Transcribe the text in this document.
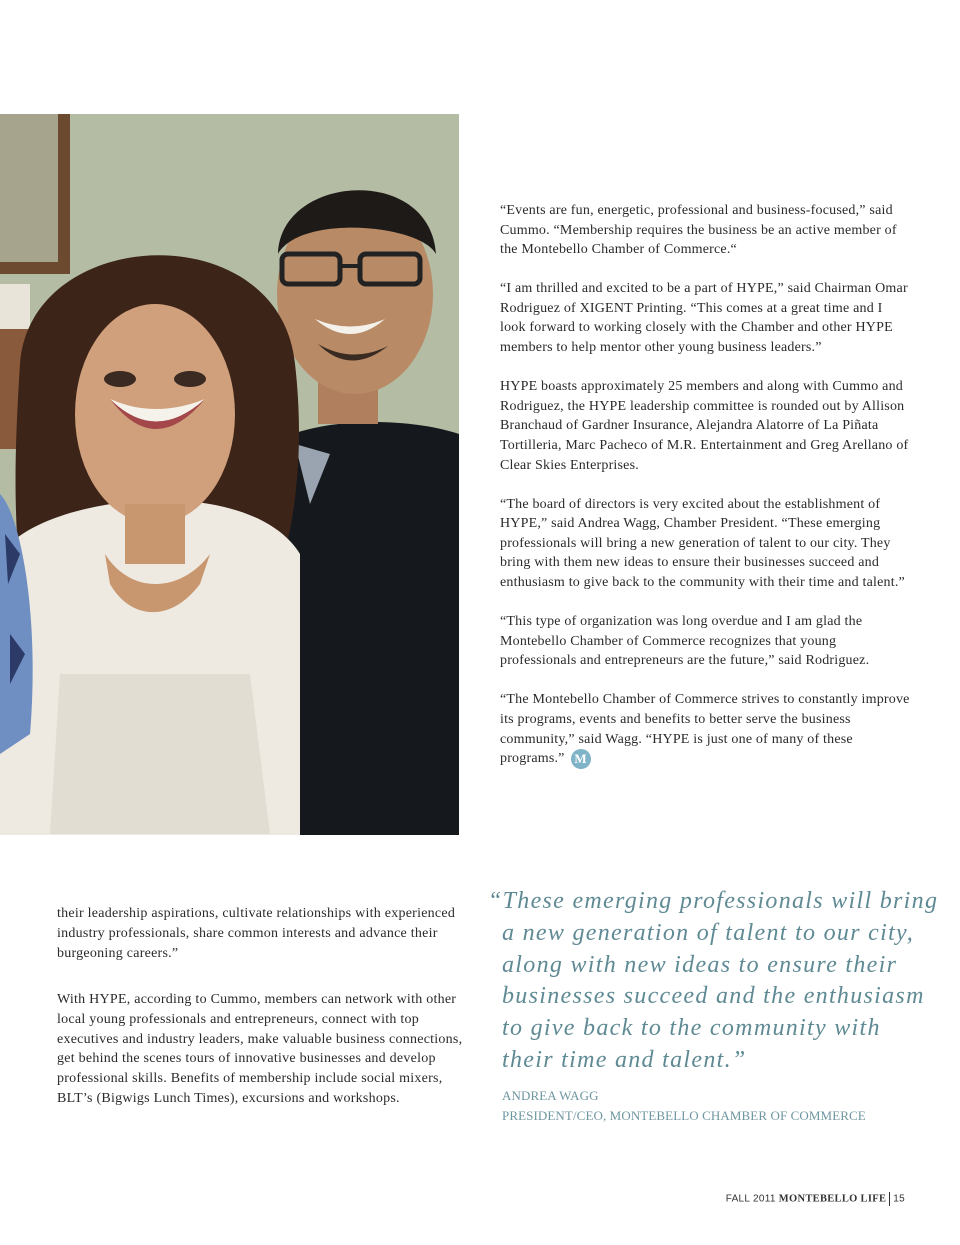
“Events are fun, energetic, professional and business-focused,” said Cummo. “Membership requires the business be an active member of the Montebello Chamber of Commerce.“

“I am thrilled and excited to be a part of HYPE,” said Chairman Omar Rodriguez of XIGENT Printing. “This comes at a great time and I look forward to working closely with the Chamber and other HYPE members to help mentor other young business leaders.”

HYPE boasts approximately 25 members and along with Cummo and Rodriguez, the HYPE leadership committee is rounded out by Allison Branchaud of Gardner Insurance, Alejandra Alatorre of La Piñata Tortilleria, Marc Pacheco of M.R. Entertainment and Greg Arellano of Clear Skies Enterprises.

“The board of directors is very excited about the establishment of HYPE,” said Andrea Wagg, Chamber President. “These emerging professionals will bring a new generation of talent to our city. They bring with them new ideas to ensure their businesses succeed and enthusiasm to give back to the community with their time and talent.”

“This type of organization was long overdue and I am glad the Montebello Chamber of Commerce recognizes that young professionals and entrepreneurs are the future,” said Rodriguez.

“The Montebello Chamber of Commerce strives to constantly improve its programs, events and benefits to better serve the business community,” said Wagg. “HYPE is just one of many of these programs.” M

their leadership aspirations, cultivate relationships with experienced industry professionals, share common interests and advance their burgeoning careers.”

With HYPE, according to Cummo, members can network with other local young professionals and entrepreneurs, connect with top executives and industry leaders, make valuable business connections, get behind the scenes tours of innovative businesses and develop professional skills. Benefits of membership include social mixers, BLT’s (Bigwigs Lunch Times), excursions and workshops.

“These emerging professionals will bring
a new generation of talent to our city,
along with new ideas to ensure their
businesses succeed and the enthusiasm
to give back to the community with
their time and talent.”
ANDREA WAGG
PRESIDENT/CEO, MONTEBELLO CHAMBER OF COMMERCE
FALL 2011 MONTEBELLO LIFE 15
